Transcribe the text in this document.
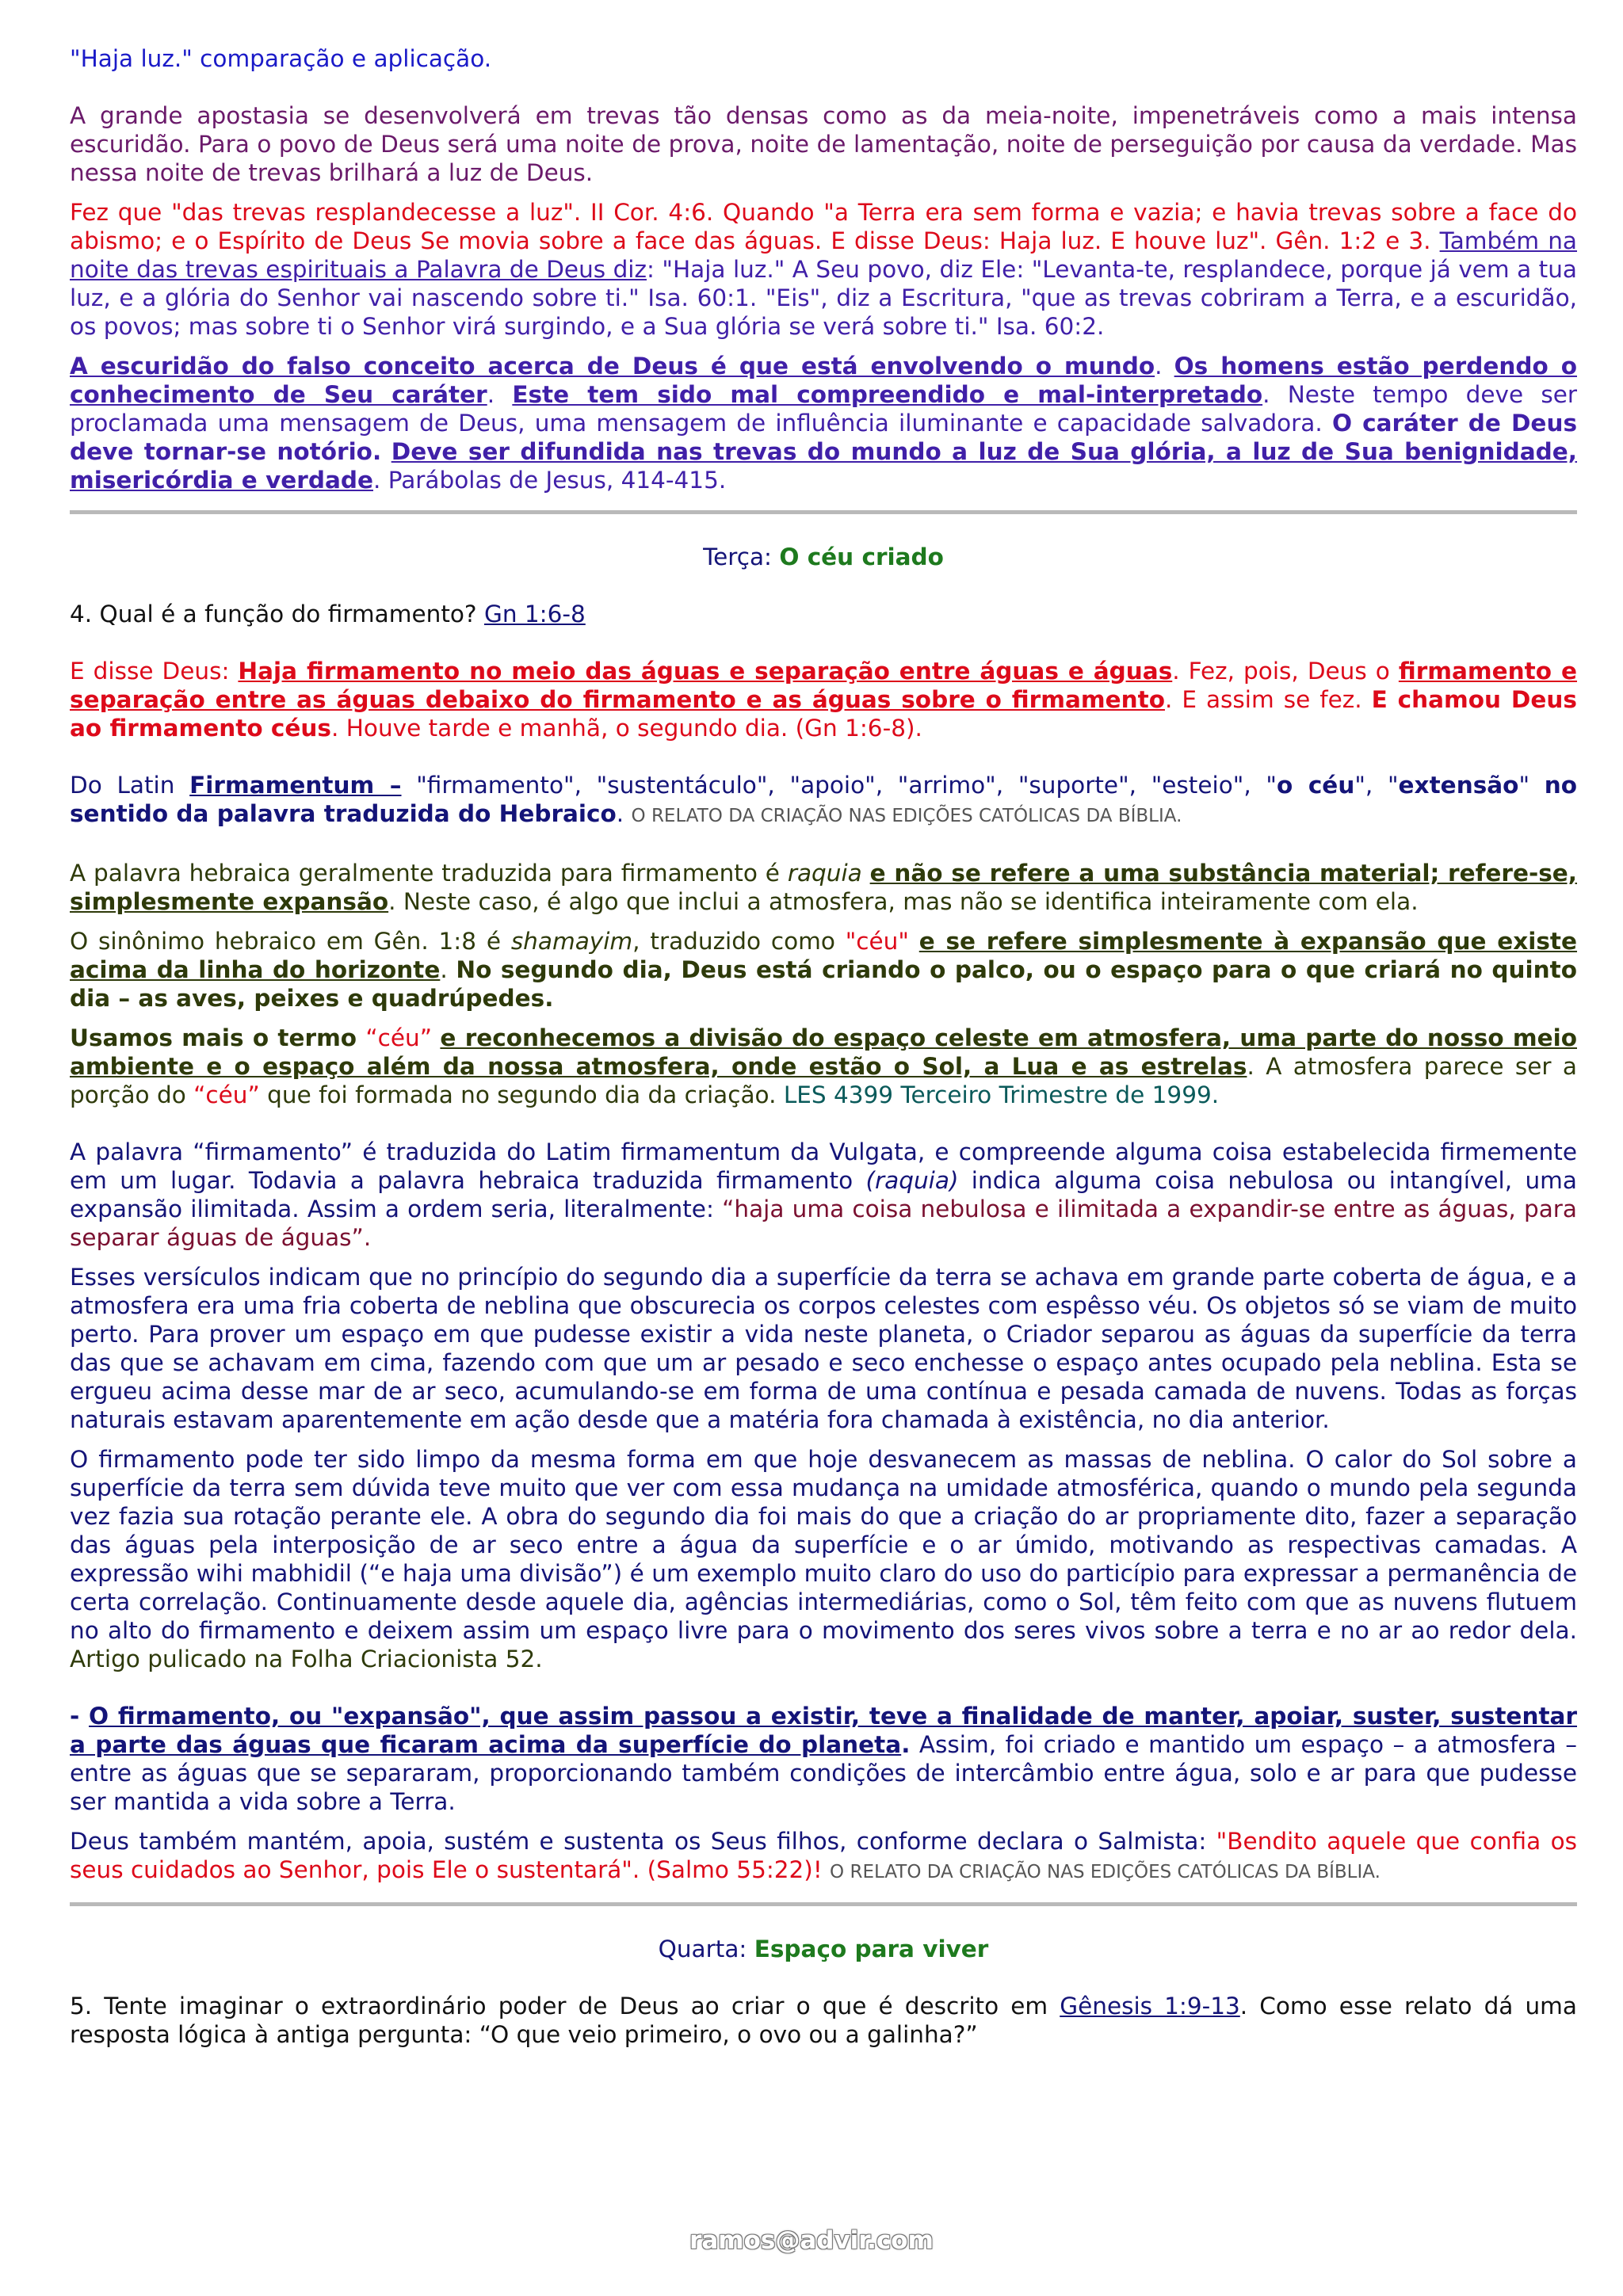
"Haja luz." comparação e aplicação.

A grande apostasia se desenvolverá em trevas tão densas como as da meia-noite, impenetráveis como a mais intensa escuridão. Para o povo de Deus será uma noite de prova, noite de lamentação, noite de perseguição por causa da verdade. Mas nessa noite de trevas brilhará a luz de Deus.

Fez que "das trevas resplandecesse a luz". II Cor. 4:6. Quando "a Terra era sem forma e vazia; e havia trevas sobre a face do abismo; e o Espírito de Deus Se movia sobre a face das águas. E disse Deus: Haja luz. E houve luz". Gên. 1:2 e 3. Também na noite das trevas espirituais a Palavra de Deus diz: "Haja luz." A Seu povo, diz Ele: "Levanta-te, resplandece, porque já vem a tua luz, e a glória do Senhor vai nascendo sobre ti." Isa. 60:1. "Eis", diz a Escritura, "que as trevas cobriram a Terra, e a escuridão, os povos; mas sobre ti o Senhor virá surgindo, e a Sua glória se verá sobre ti." Isa. 60:2.

A escuridão do falso conceito acerca de Deus é que está envolvendo o mundo. Os homens estão perdendo o conhecimento de Seu caráter. Este tem sido mal compreendido e mal-interpretado. Neste tempo deve ser proclamada uma mensagem de Deus, uma mensagem de influência iluminante e capacidade salvadora. O caráter de Deus deve tornar-se notório. Deve ser difundida nas trevas do mundo a luz de Sua glória, a luz de Sua benignidade, misericórdia e verdade. Parábolas de Jesus, 414-415.

Terça: O céu criado

4. Qual é a função do firmamento? Gn 1:6-8

E disse Deus: Haja firmamento no meio das águas e separação entre águas e águas. Fez, pois, Deus o firmamento e separação entre as águas debaixo do firmamento e as águas sobre o firmamento. E assim se fez. E chamou Deus ao firmamento céus. Houve tarde e manhã, o segundo dia. (Gn 1:6-8).

Do Latin Firmamentum – "firmamento", "sustentáculo", "apoio", "arrimo", "suporte", "esteio", "o céu", "extensão" no sentido da palavra traduzida do Hebraico. O RELATO DA CRIAÇÃO NAS EDIÇÕES CATÓLICAS DA BÍBLIA.

A palavra hebraica geralmente traduzida para firmamento é raquia e não se refere a uma substância material; refere-se, simplesmente expansão. Neste caso, é algo que inclui a atmosfera, mas não se identifica inteiramente com ela.

O sinônimo hebraico em Gên. 1:8 é shamayim, traduzido como "céu" e se refere simplesmente à expansão que existe acima da linha do horizonte. No segundo dia, Deus está criando o palco, ou o espaço para o que criará no quinto dia – as aves, peixes e quadrúpedes.

Usamos mais o termo “céu” e reconhecemos a divisão do espaço celeste em atmosfera, uma parte do nosso meio ambiente e o espaço além da nossa atmosfera, onde estão o Sol, a Lua e as estrelas. A atmosfera parece ser a porção do “céu” que foi formada no segundo dia da criação. LES 4399 Terceiro Trimestre de 1999.

A palavra “firmamento” é traduzida do Latim firmamentum da Vulgata, e compreende alguma coisa estabelecida firmemente em um lugar. Todavia a palavra hebraica traduzida firmamento (raquia) indica alguma coisa nebulosa ou intangível, uma expansão ilimitada. Assim a ordem seria, literalmente: “haja uma coisa nebulosa e ilimitada a expandir-se entre as águas, para separar águas de águas”.

Esses versículos indicam que no princípio do segundo dia a superfície da terra se achava em grande parte coberta de água, e a atmosfera era uma fria coberta de neblina que obscurecia os corpos celestes com espêsso véu. Os objetos só se viam de muito perto. Para prover um espaço em que pudesse existir a vida neste planeta, o Criador separou as águas da superfície da terra das que se achavam em cima, fazendo com que um ar pesado e seco enchesse o espaço antes ocupado pela neblina. Esta se ergueu acima desse mar de ar seco, acumulando-se em forma de uma contínua e pesada camada de nuvens. Todas as forças naturais estavam aparentemente em ação desde que a matéria fora chamada à existência, no dia anterior.

O firmamento pode ter sido limpo da mesma forma em que hoje desvanecem as massas de neblina. O calor do Sol sobre a superfície da terra sem dúvida teve muito que ver com essa mudança na umidade atmosférica, quando o mundo pela segunda vez fazia sua rotação perante ele. A obra do segundo dia foi mais do que a criação do ar propriamente dito, fazer a separação das águas pela interposição de ar seco entre a água da superfície e o ar úmido, motivando as respectivas camadas. A expressão wihi mabhidil (“e haja uma divisão”) é um exemplo muito claro do uso do particípio para expressar a permanência de certa correlação. Continuamente desde aquele dia, agências intermediárias, como o Sol, têm feito com que as nuvens flutuem no alto do firmamento e deixem assim um espaço livre para o movimento dos seres vivos sobre a terra e no ar ao redor dela. Artigo pulicado na Folha Criacionista 52.

- O firmamento, ou "expansão", que assim passou a existir, teve a finalidade de manter, apoiar, suster, sustentar a parte das águas que ficaram acima da superfície do planeta. Assim, foi criado e mantido um espaço – a atmosfera – entre as águas que se separaram, proporcionando também condições de intercâmbio entre água, solo e ar para que pudesse ser mantida a vida sobre a Terra.

Deus também mantém, apoia, sustém e sustenta os Seus filhos, conforme declara o Salmista: "Bendito aquele que confia os seus cuidados ao Senhor, pois Ele o sustentará". (Salmo 55:22)! O RELATO DA CRIAÇÃO NAS EDIÇÕES CATÓLICAS DA BÍBLIA.

Quarta: Espaço para viver

5. Tente imaginar o extraordinário poder de Deus ao criar o que é descrito em Gênesis 1:9-13. Como esse relato dá uma resposta lógica à antiga pergunta: “O que veio primeiro, o ovo ou a galinha?”

ramos@advir.com
